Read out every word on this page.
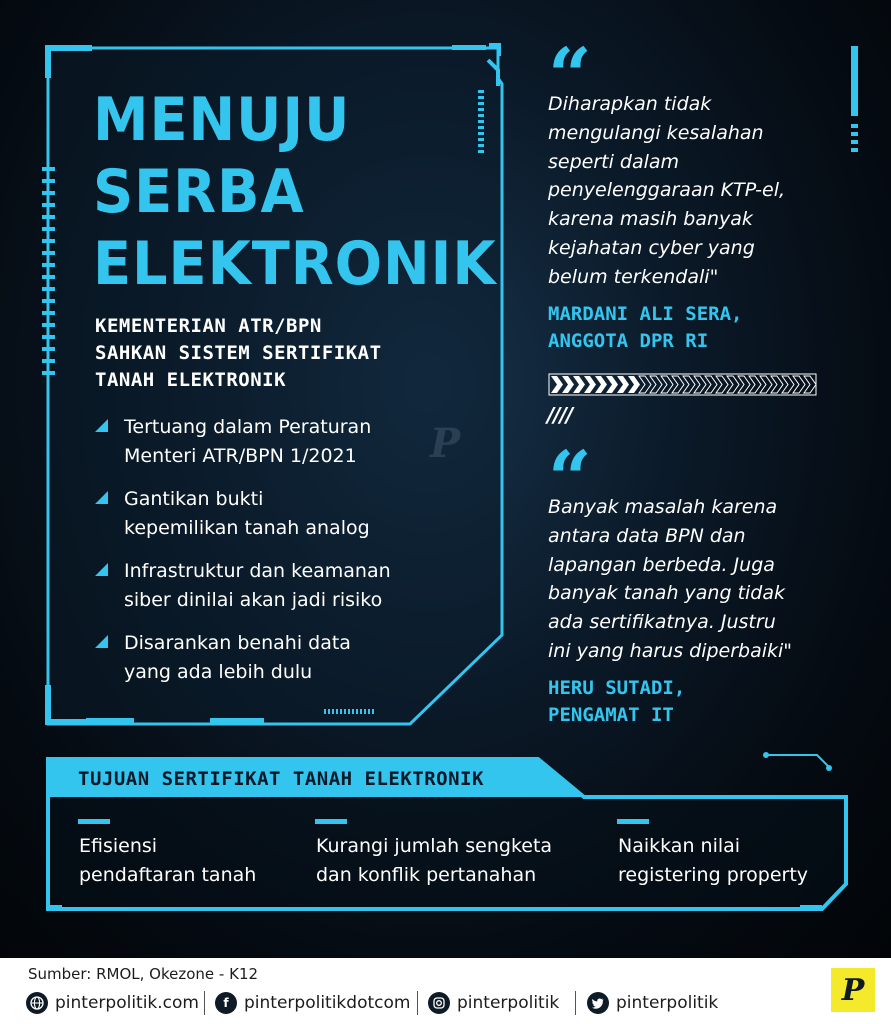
P
MENUJU
SERBA
ELEKTRONIK
KEMENTERIAN ATR/BPN
SAHKAN SISTEM SERTIFIKAT
TANAH ELEKTRONIK
Tertuang dalam Peraturan
Menteri ATR/BPN 1/2021
Gantikan bukti
kepemilikan tanah analog
Infrastruktur dan keamanan
siber dinilai akan jadi risiko
Disarankan benahi data
yang ada lebih dulu
“
Diharapkan tidak
mengulangi kesalahan
seperti dalam
penyelenggaraan KTP-el,
karena masih banyak
kejahatan cyber yang
belum terkendali"
MARDANI ALI SERA,
ANGGOTA DPR RI
////
“
Banyak masalah karena
antara data BPN dan
lapangan berbeda. Juga
banyak tanah yang tidak
ada sertifikatnya. Justru
ini yang harus diperbaiki"
HERU SUTADI,
PENGAMAT IT
TUJUAN SERTIFIKAT TANAH ELEKTRONIK
Efisiensi
pendaftaran tanah
Kurangi jumlah sengketa
dan konflik pertanahan
Naikkan nilai
registering property
Sumber: RMOL, Okezone - K12
pinterpolitik.com	f pinterpolitikdotcom	pinterpolitik	pinterpolitik	P
